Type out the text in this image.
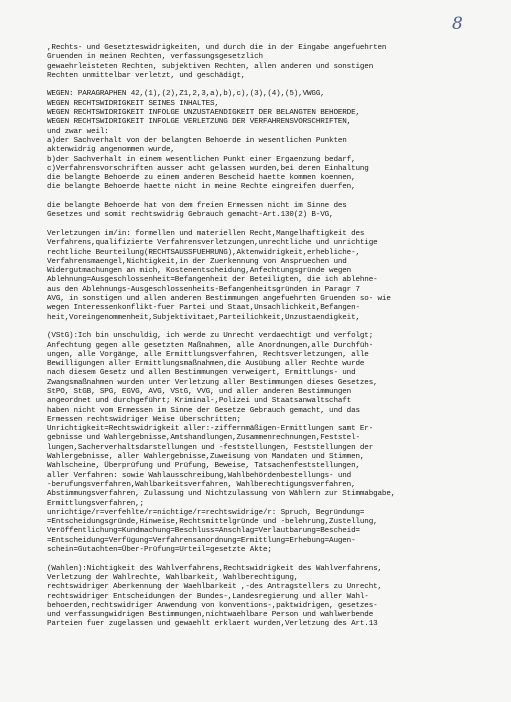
8
,Rechts- und Gesetzteswidrigkeiten, und durch die in der Eingabe angefuehrten
Gruenden in meinen Rechten, verfassungsgesetzlich
gewaehrleisteten Rechten, subjektiven Rechten, allen anderen und sonstigen
Rechten unmittelbar verletzt, und geschädigt,
WEGEN: PARAGRAPHEN 42,(1),(2),Z1,2,3,a),b),c),(3),(4),(5),VWGG,
WEGEN RECHTSWIDRIGKEIT SEINES INHALTES,
WEGEN RECHTSWIDRIGKEIT INFOLGE UNZUSTAENDIGKEIT DER BELANGTEN BEHOERDE,
WEGEN RECHTSWIDRIGKEIT INFOLGE VERLETZUNG DER VERFAHRENSVORSCHRIFTEN,
und zwar weil:
a)der Sachverhalt von der belangten Behoerde in wesentlichen Punkten
aktenwidrig angenommen wurde,
b)der Sachverhalt in einem wesentlichen Punkt einer Ergaenzung bedarf,
c)Verfahrensvorschriften ausser acht gelassen wurden,bei deren Einhaltung
die belangte Behoerde zu einem anderen Bescheid haette kommen koennen,
die belangte Behoerde haette nicht in meine Rechte eingreifen duerfen,
die belangte Behoerde hat von dem freien Ermessen nicht im Sinne des
Gesetzes und somit rechtswidrig Gebrauch gemacht-Art.130(2) B-VG,
Verletzungen im/in: formellen und materiellen Recht,Mangelhaftigkeit des
Verfahrens,qualifizierte Verfahrensverletzungen,unrechtliche und unrichtige
rechtliche Beurteilung(RECHTSAUSSFUEHRUNG),Aktenwidrigkeit,erhebliche-,
Verfahrensmaengel,Nichtigkeit,in der Zuerkennung von Anspruechen und
Widergutmachungen an mich, Kostenentscheidung,Anfechtungsgründe wegen
Ablehnung=Ausgeschlossenheit=Befangenheit der Beteiligten, die ich ablehne-
aus den Ablehnungs-Ausgeschlossenheits-Befangenheitsgründen in Paragr 7
AVG, in sonstigen und allen anderen Bestimmungen angefuehrten Gruenden so- wie
wegen Interessenkonflikt-fuer Partei und Staat,Unsachlichkeit,Befangen-
heit,Voreingenommenheit,Subjektivitaet,Parteilichkeit,Unzustaendigkeit,
(VStG):Ich bin unschuldig, ich werde zu Unrecht verdaechtigt und verfolgt;
Anfechtung gegen alle gesetzten Maßnahmen, alle Anordnungen,alle Durchfüh-
ungen, alle Vorgänge, alle Ermittlungsverfahren, Rechtsverletzungen, alle
Bewilligungen aller Ermittlungsmaßnahmen,die Ausübung aller Rechte wurde
nach diesem Gesetz und allen Bestimmungen verweigert, Ermittlungs- und
Zwangsmaßnahmen wurden unter Verletzung aller Bestimmungen dieses Gesetzes,
StPO, StGB, SPG, EGVG, AVG, VStG, VVG, und aller anderen Bestimmungen
angeordnet und durchgeführt; Kriminal-,Polizei und Staatsanwaltschaft
haben nicht vom Ermessen im Sinne der Gesetze Gebrauch gemacht, und das
Ermessen rechtswidriger Weise überschritten;
Unrichtigkeit=Rechtswidrigkeit aller:-ziffernmäßigen-Ermittlungen samt Er-
gebnisse und Wahlergebnisse,Amtshandlungen,Zusammenrechnungen,Feststel-
lungen,Sacherverhaltsdarstellungen und -feststellungen, Feststellungen der
Wahlergebnisse, aller Wahlergebnisse,Zuweisung von Mandaten und Stimmen,
Wahlscheine, Überprüfung und Prüfung, Beweise, Tatsachenfeststellungen,
aller Verfahren: sowie Wahlausschreibung,Wahlbehördenbestellungs- und
-berufungsverfahren,Wahlbarkeitsverfahren, Wahlberechtigungsverfahren,
Abstimmungsverfahren, Zulassung und Nichtzulassung von Wählern zur Stimmabgabe,
Ermittlungsverfahren,;
unrichtige/r=verfehlte/r=nichtige/r=rechtswidrige/r: Spruch, Begründung=
=Entscheidungsgründe,Hinweise,Rechtsmittelgründe und -belehrung,Zustellung,
Veröffentlichung=Kundmachung=Beschluss=Anschlag=Verlautbarung=Bescheid=
=Entscheidung=Verfügung=Verfahrensanordnung=Ermittlung=Erhebung=Augen-
schein=Gutachten=Über-Prüfung=Urteil=gesetzte Akte;
(Wahlen):Nichtigkeit des Wahlverfahrens,Rechtswidrigkeit des Wahlverfahrens,
Verletzung der Wahlrechte, Wahlbarkeit, Wahlberechtigung,
rechtswidriger Aberkennung der Waehlbarkeit ,-des Antragstellers zu Unrecht,
rechtswidriger Entscheidungen der Bundes-,Landesregierung und aller Wahl-
behoerden,rechtswidriger Anwendung von konventions-,paktwidrigen, gesetzes-
und verfassungwidrigen Bestimmungen,nichtwaehlbare Person und wahlwerbende
Parteien fuer zugelassen und gewaehlt erklaert wurden,Verletzung des Art.13
